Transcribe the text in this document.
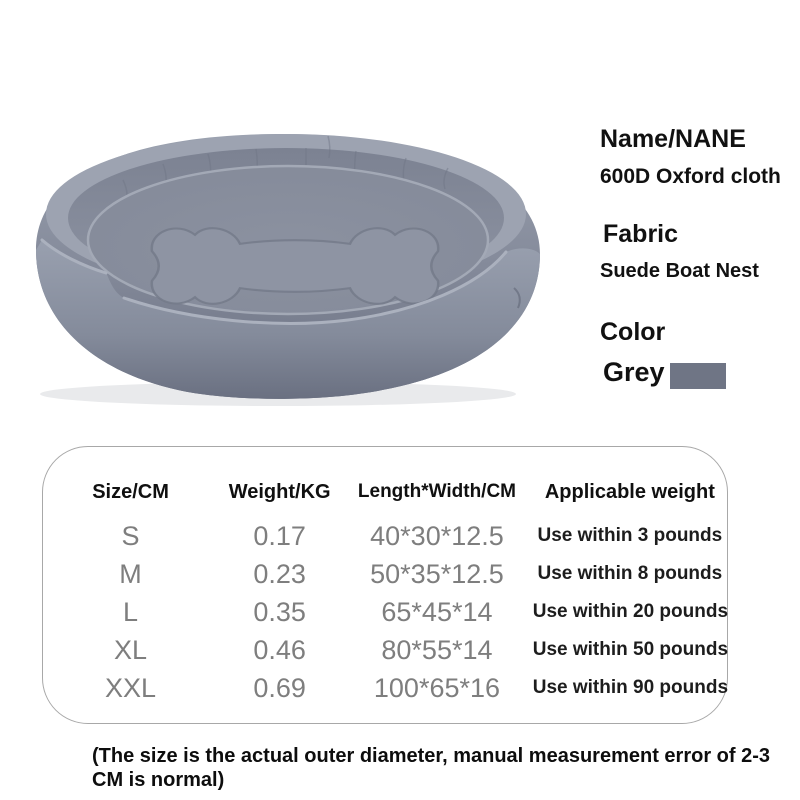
Name/NANE
600D Oxford cloth
Fabric
Suede Boat Nest
Color
Grey
Size/CM	Weight/KG	Length*Width/CM	Applicable weight
S	0.17	40*30*12.5	Use within 3 pounds
M	0.23	50*35*12.5	Use within 8 pounds
L	0.35	65*45*14	Use within 20 pounds
XL	0.46	80*55*14	Use within 50 pounds
XXL	0.69	100*65*16	Use within 90 pounds
(The size is the actual outer diameter, manual measurement error of 2-3
CM is normal)
